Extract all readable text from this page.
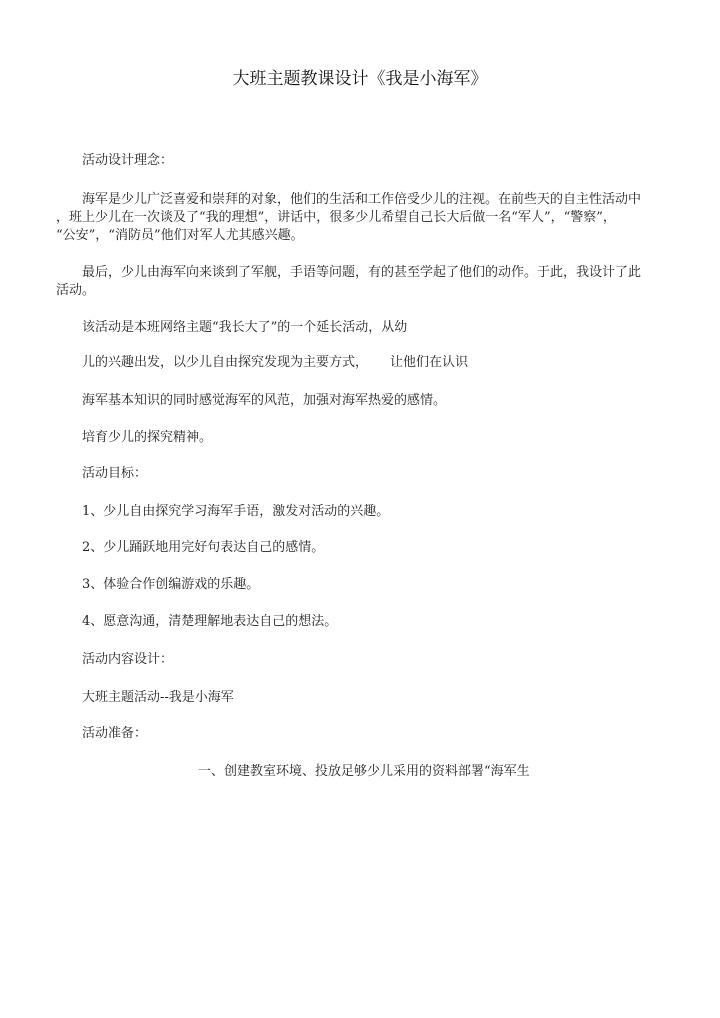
大班主题教课设计《我是小海军》
活动设计理念：
海军是少儿广泛喜爱和崇拜的对象，他们的生活和工作倍受少儿的注视。在前些天的自主性活动中
，班上少儿在一次谈及了“我的理想”，讲话中，很多少儿希望自己长大后做一名“军人”，“警察”，
“公安”，“消防员”他们对军人尤其感兴趣。
最后，少儿由海军向来谈到了军舰，手语等问题，有的甚至学起了他们的动作。于此，我设计了此
活动。
该活动是本班网络主题“我长大了”的一个延长活动，从幼
儿的兴趣出发，以少儿自由探究发现为主要方式， 让他们在认识
海军基本知识的同时感觉海军的风范，加强对海军热爱的感情。
培育少儿的探究精神。
活动目标：
1、少儿自由探究学习海军手语，激发对活动的兴趣。
2、少儿踊跃地用完好句表达自己的感情。
3、体验合作创编游戏的乐趣。
4、愿意沟通，清楚理解地表达自己的想法。
活动内容设计：
大班主题活动--我是小海军
活动准备：
一、创建教室环境、投放足够少儿采用的资料部署“海军生
